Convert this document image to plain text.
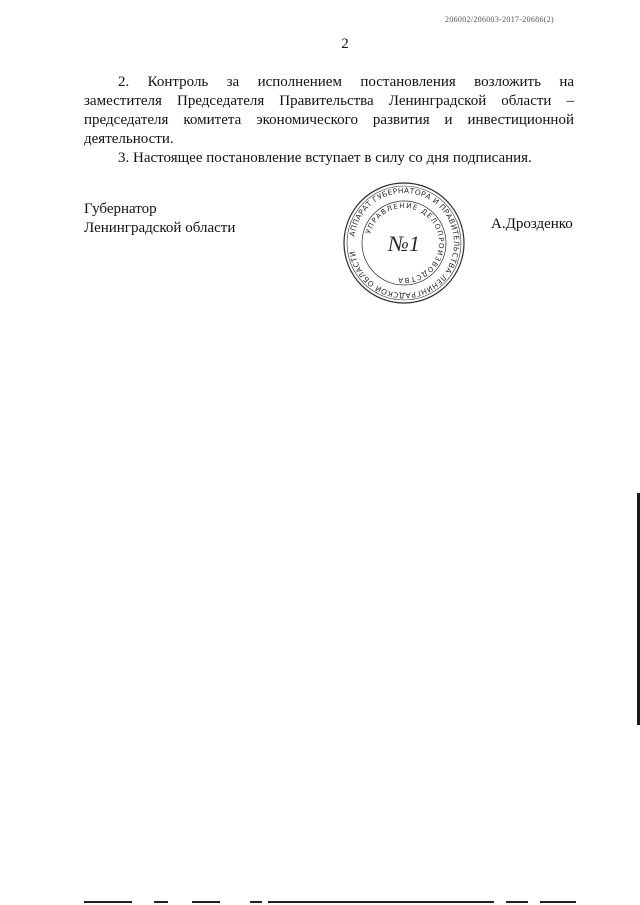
206002/206003-2017-20686(2)
2

2. Контроль за исполнением постановления возложить на заместителя Председателя Правительства Ленинградской области – председателя комитета экономического развития и инвестиционной деятельности.

3. Настоящее постановление вступает в силу со дня подписания.

Губернатор
Ленинградской области	А.Дрозденко
АППАРАТ ГУБЕРНАТОРА И ПРАВИТЕЛЬСТВА ЛЕНИНГРАДСКОЙ ОБЛАСТИ
УПРАВЛЕНИЕ ДЕЛОПРОИЗВОДСТВА
№1
